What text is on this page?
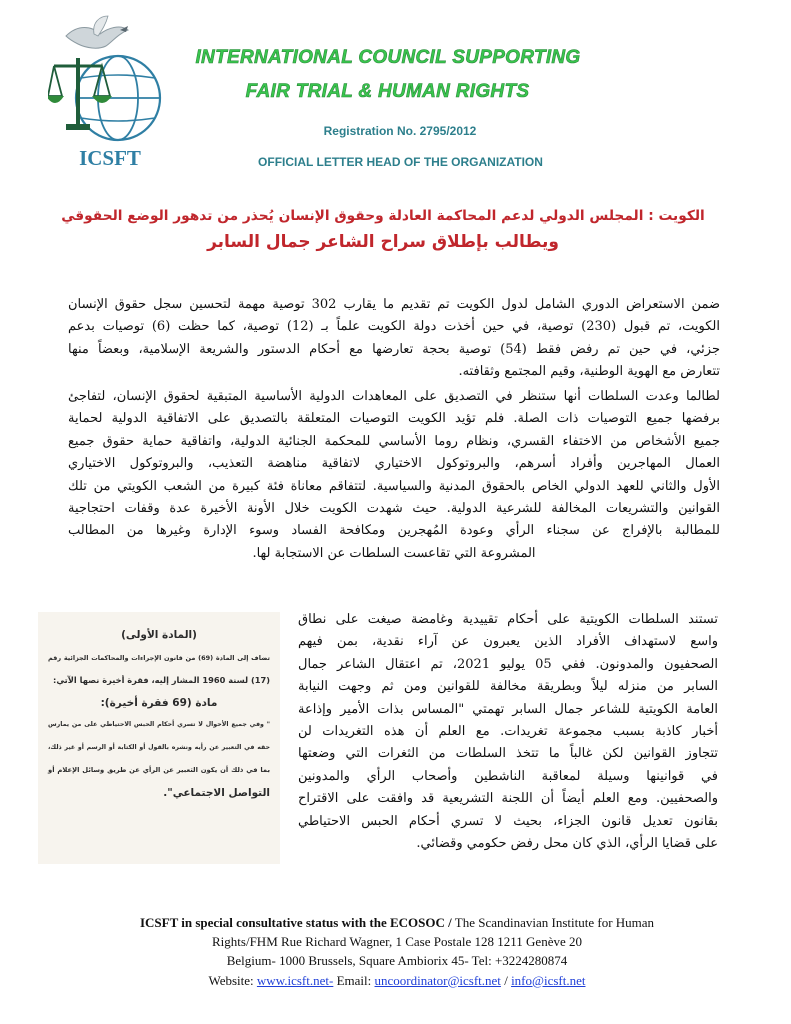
ICSFT
INTERNATIONAL COUNCIL SUPPORTING
FAIR TRIAL & HUMAN RIGHTS
Registration No. 2795/2012
OFFICIAL LETTER HEAD OF THE ORGANIZATION
الكويت : المجلس الدولي لدعم المحاكمة العادلة وحقوق الإنسان يُحذر من تدهور الوضع الحقوقي
ويطالب بإطلاق سراح الشاعر جمال السابر
ضمن الاستعراض الدوري الشامل لدول الكويت تم تقديم ما يقارب 302 توصية مهمة لتحسين سجل حقوق الإنسان
الكويت، تم قبول (230) توصية، في حين أخذت دولة الكويت علماً بـ (12) توصية، كما حظت (6) توصيات بدعم
جزئي، في حين تم رفض فقط (54) توصية بحجة تعارضها مع أحكام الدستور والشريعة الإسلامية، وبعضاً منها
تتعارض مع الهوية الوطنية، وقيم المجتمع وثقافته.
لطالما وعدت السلطات أنها ستنظر في التصديق على المعاهدات الدولية الأساسية المتبقية لحقوق الإنسان، لتفاجئ
برفضها جميع التوصيات ذات الصلة. فلم تؤيد الكويت التوصيات المتعلقة بالتصديق على الاتفاقية الدولية لحماية
جميع الأشخاص من الاختفاء القسري، ونظام روما الأساسي للمحكمة الجنائية الدولية، واتفاقية حماية حقوق جميع
العمال المهاجرين وأفراد أسرهم، والبروتوكول الاختياري لاتفاقية مناهضة التعذيب، والبروتوكول الاختياري
الأول والثاني للعهد الدولي الخاص بالحقوق المدنية والسياسية. لتتفاقم معاناة فئة كبيرة من الشعب الكويتي من تلك
القوانين والتشريعات المخالفة للشرعية الدولية. حيث شهدت الكويت خلال الأونة الأخيرة عدة وقفات احتجاجية
للمطالبة بالإفراج عن سجناء الرأي وعودة المُهجرين ومكافحة الفساد وسوء الإدارة وغيرها من المطالب
المشروعة التي تقاعست السلطات عن الاستجابة لها.
تستند السلطات الكويتية على أحكام تقييدية وغامضة صيغت على نطاق
واسع لاستهداف الأفراد الذين يعبرون عن آراء نقدية، بمن فيهم
الصحفيون والمدونون. ففي 05 يوليو 2021، تم اعتقال الشاعر جمال
السابر من منزله ليلاً وبطريقة مخالفة للقوانين ومن ثم وجهت النيابة
العامة الكويتية للشاعر جمال السابر تهمتي "المساس بذات الأمير وإذاعة
أخبار كاذبة بسبب مجموعة تغريدات. مع العلم أن هذه التغريدات لن
تتجاوز القوانين لكن غالباً ما تتخذ السلطات من الثغرات التي وضعتها
في قوانينها وسيلة لمعاقبة الناشطين وأصحاب الرأي والمدونين
والصحفيين. ومع العلم أيضاً أن اللجنة التشريعية قد وافقت على الاقتراح
بقانون تعديل قانون الجزاء، بحيث لا تسري أحكام الحبس الاحتياطي
على قضايا الرأي، الذي كان محل رفض حكومي وقضائي.
(المادة الأولى)
تضاف إلى المادة (69) من قانون الإجراءات والمحاكمات الجزائية رقم
(17) لسنة 1960 المشار إليه، فقرة أخيرة نصها الآتي:
مادة (69 فقرة أخيرة):
" وفي جميع الأحوال لا تسري أحكام الحبس الاحتياطي على من يمارس
حقه في التعبير عن رأيه ونشره بالقول أو الكتابة أو الرسم أو غير ذلك،
بما في ذلك أن يكون التعبير عن الرأي عن طريق وسائل الإعلام أو
التواصل الاجتماعي".
ICSFT in special consultative status with the ECOSOC / The Scandinavian Institute for Human
Rights/FHM Rue Richard Wagner, 1 Case Postale 128 1211 Genève 20
Belgium- 1000 Brussels, Square Ambiorix 45- Tel: +3224280874
Website: www.icsft.net- Email: uncoordinator@icsft.net / info@icsft.net
